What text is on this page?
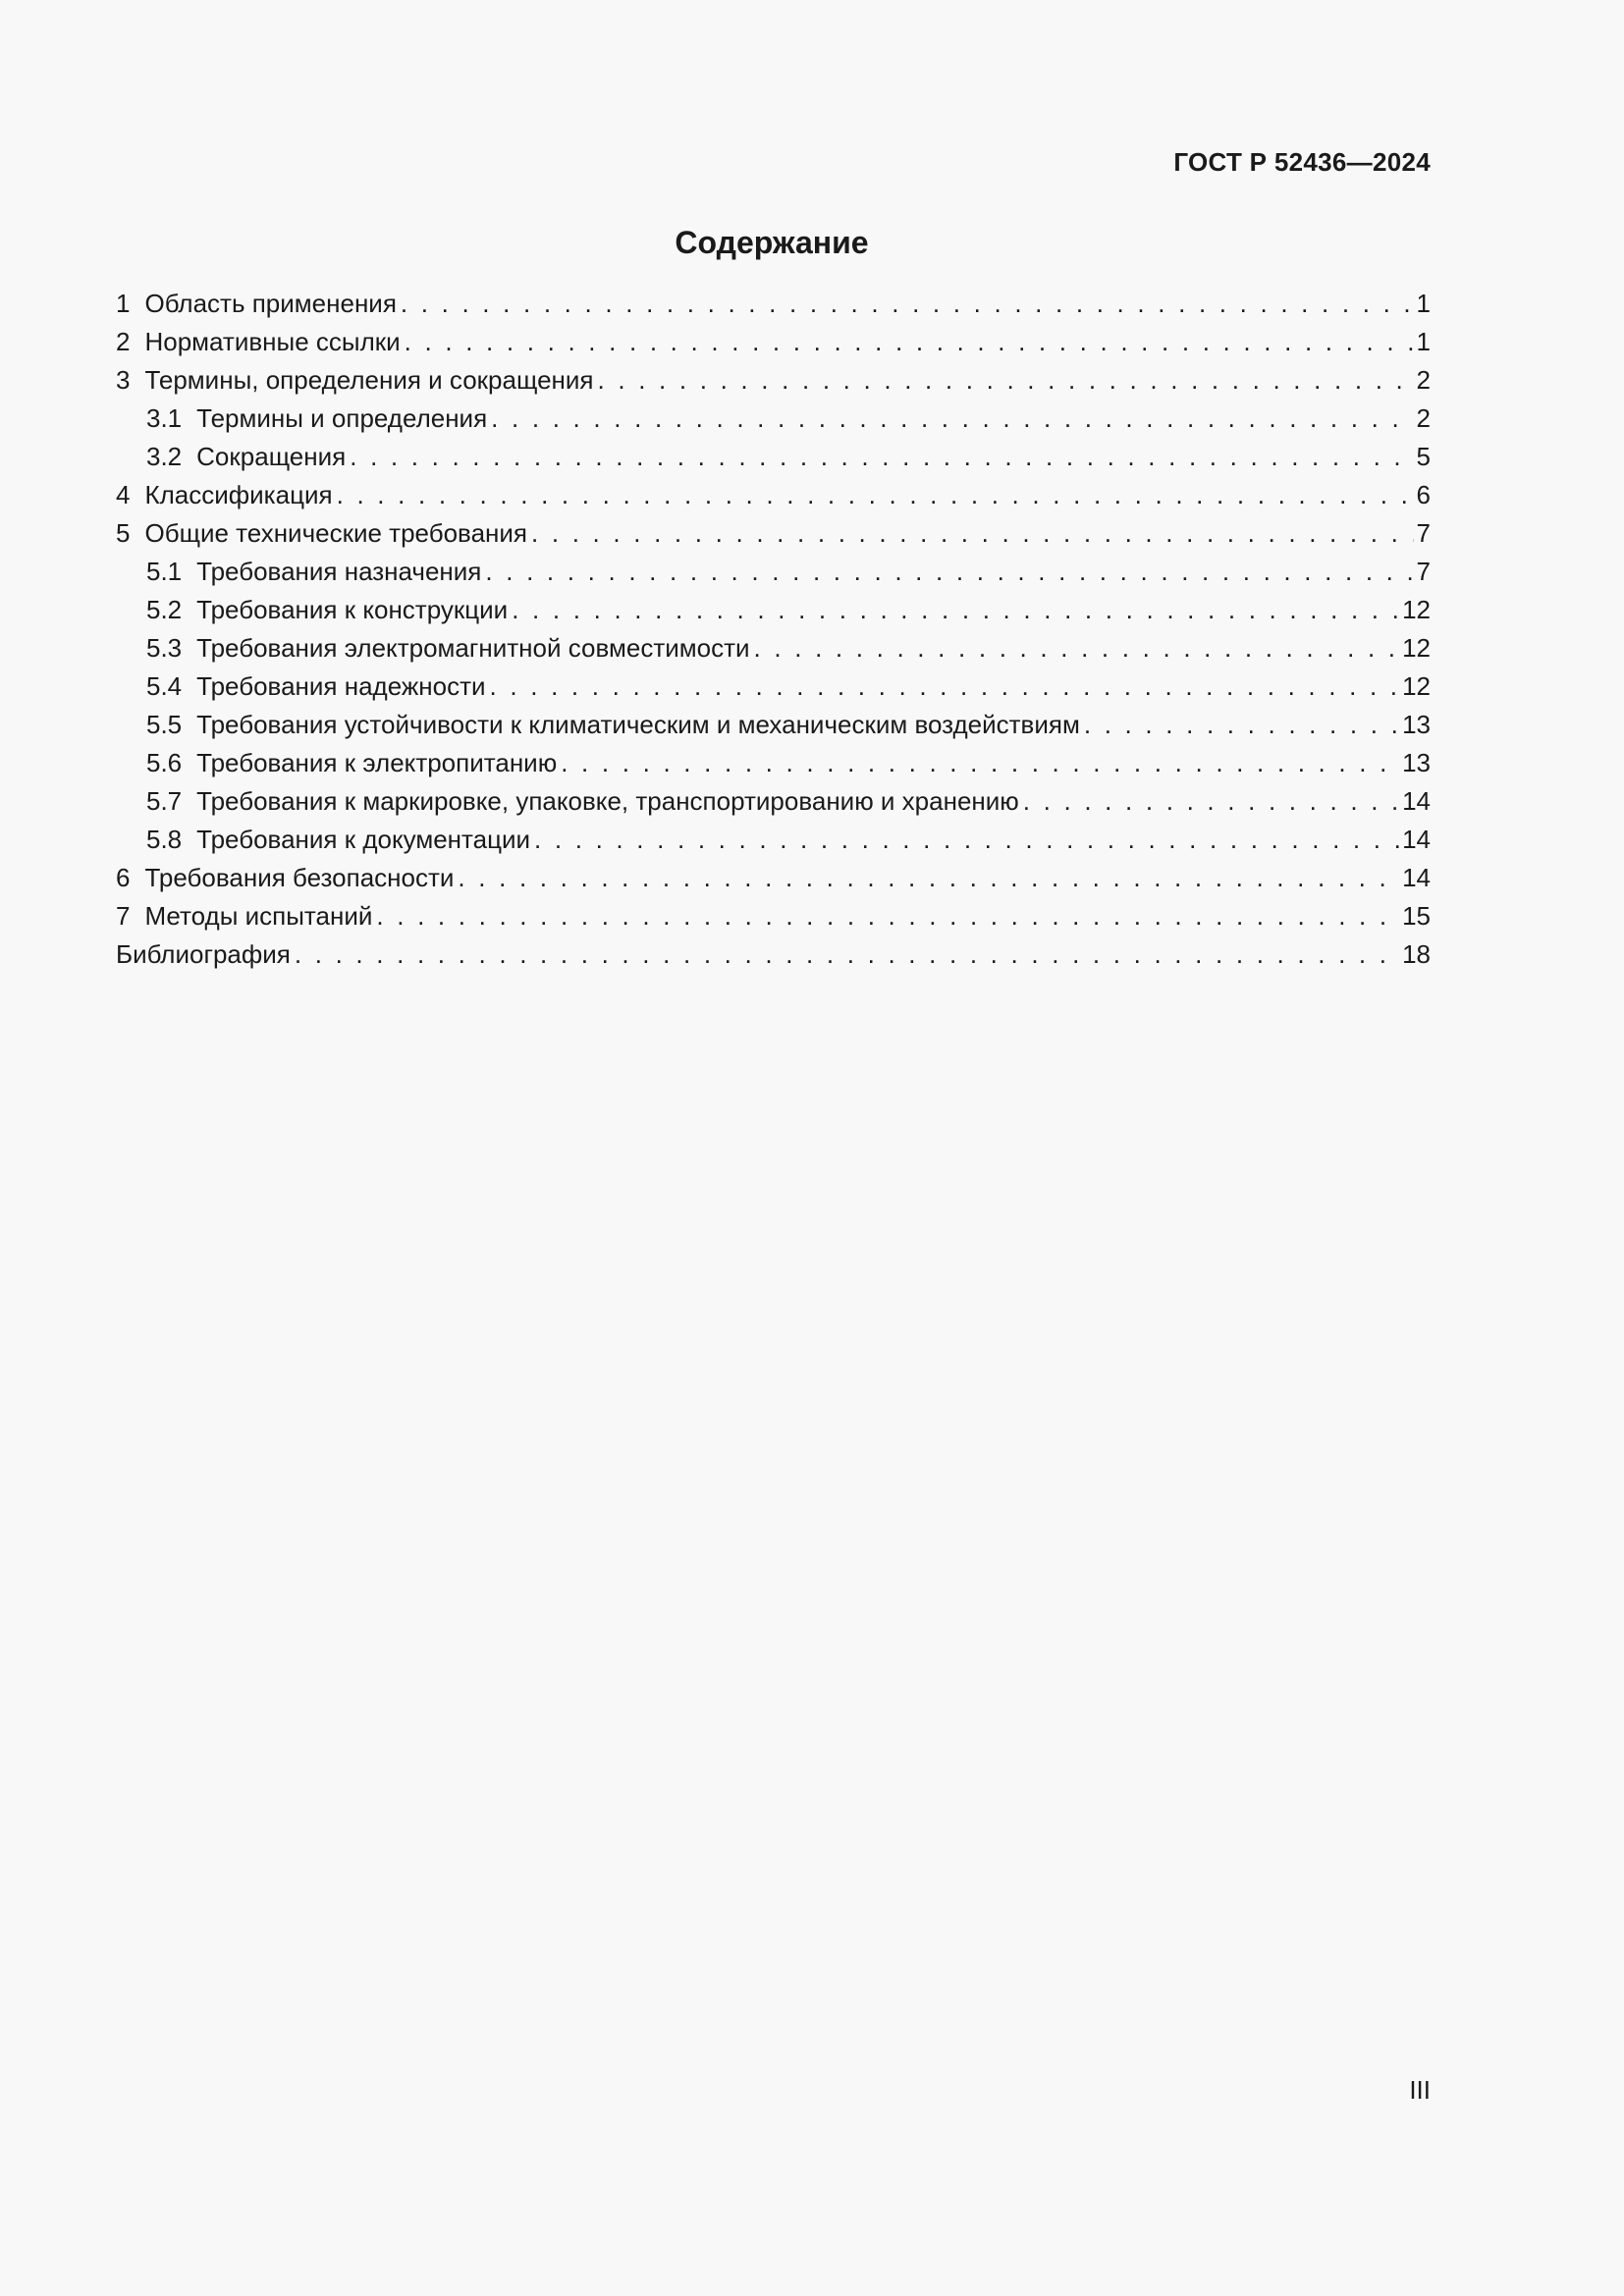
ГОСТ Р 52436—2024
Содержание
1 Область применения . . .	1
2 Нормативные ссылки . . .	1
3 Термины, определения и сокращения . . .	2
3.1 Термины и определения . . .	2
3.2 Сокращения . . .	5
4 Классификация . . .	6
5 Общие технические требования . . .	7
5.1 Требования назначения . . .	7
5.2 Требования к конструкции . . .	12
5.3 Требования электромагнитной совместимости . . .	12
5.4 Требования надежности . . .	12
5.5 Требования устойчивости к климатическим и механическим воздействиям . . .	13
5.6 Требования к электропитанию . . .	13
5.7 Требования к маркировке, упаковке, транспортированию и хранению . . .	14
5.8 Требования к документации . . .	14
6 Требования безопасности . . .	14
7 Методы испытаний . . .	15
Библиография . . .	18
III
